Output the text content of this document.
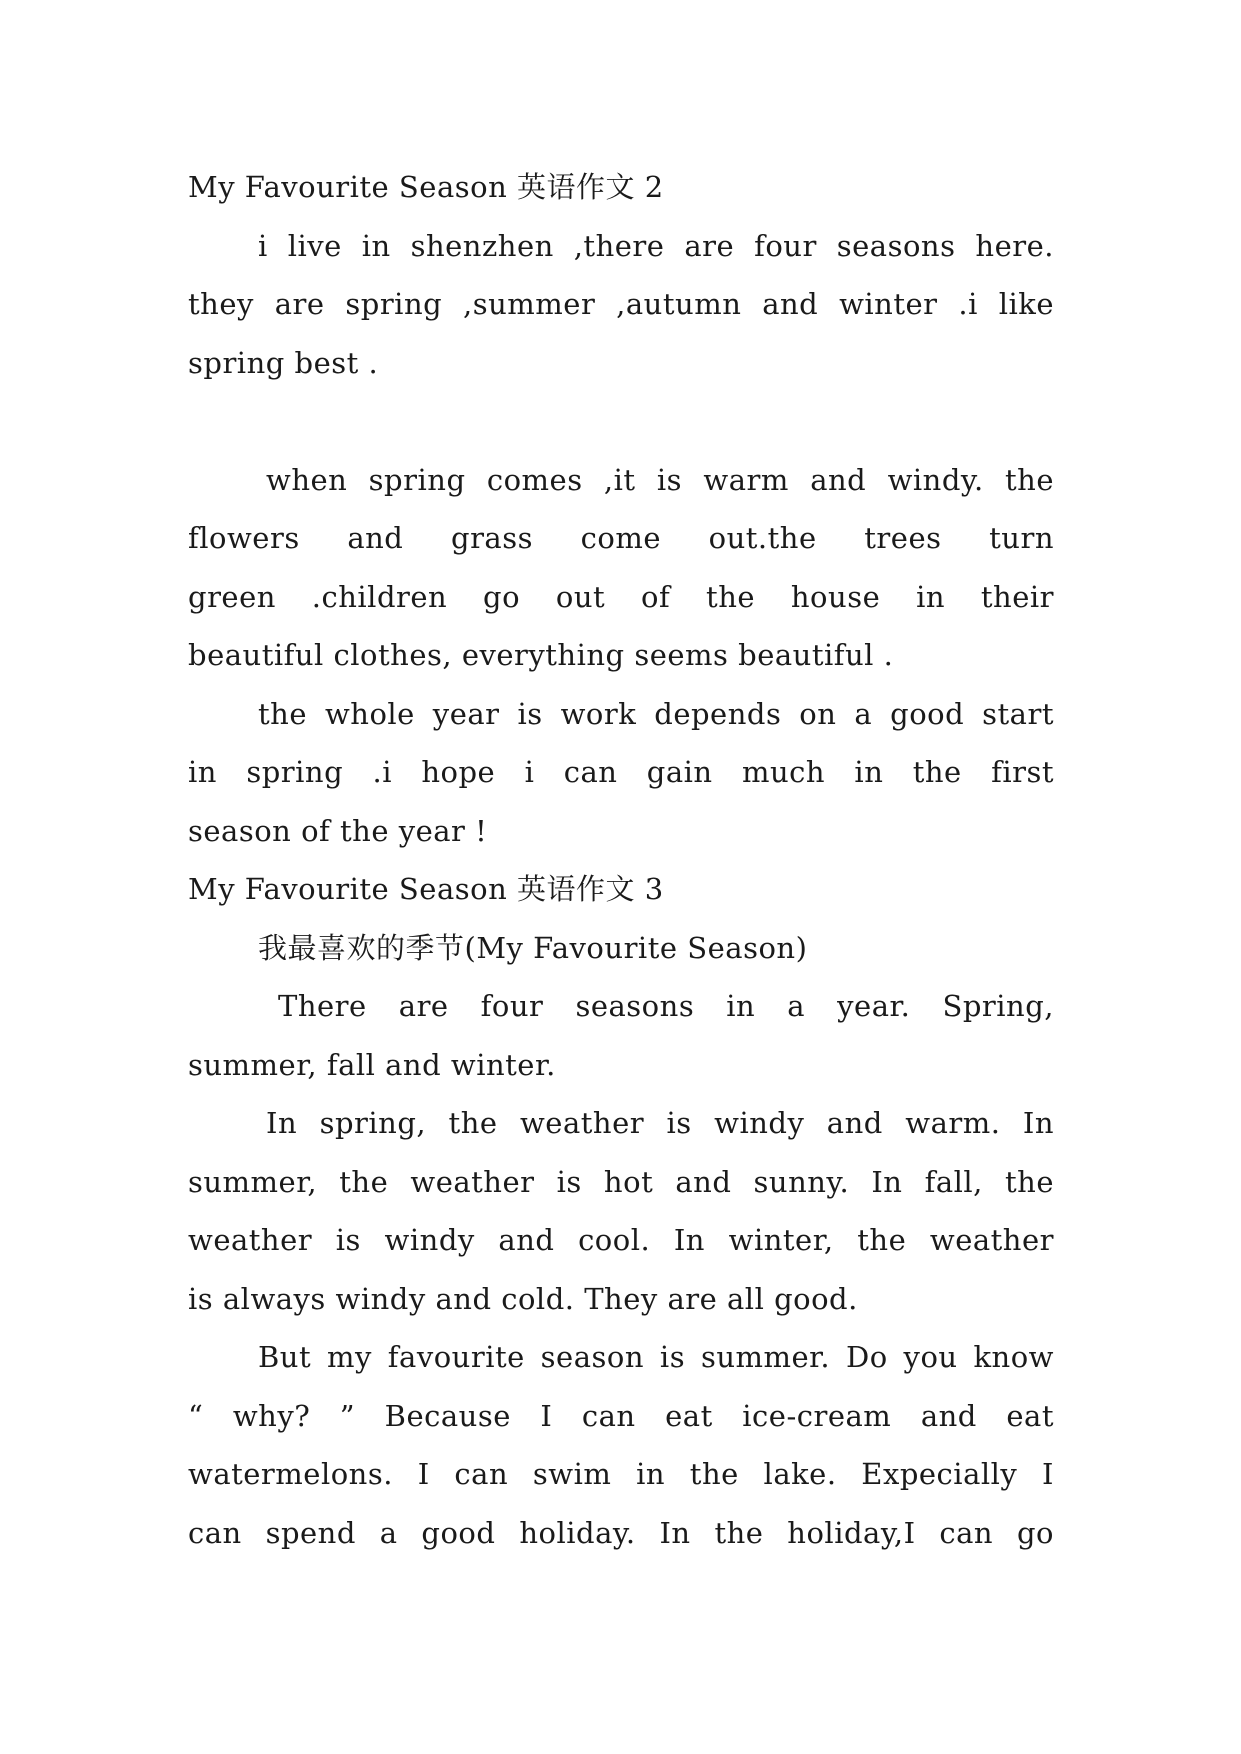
My Favourite Season 英语作文 2
i live in shenzhen ,there are four seasons here.
they are spring ,summer ,autumn and winter .i like
spring best .
when spring comes ,it is warm and windy. the
flowers and grass come out.the trees turn
green .children go out of the house in their
beautiful clothes, everything seems beautiful .
the whole year is work depends on a good start
in spring .i hope i can gain much in the first
season of the year !
My Favourite Season 英语作文 3
我最喜欢的季节(My Favourite Season)
There are four seasons in a year. Spring,
summer, fall and winter.
In spring, the weather is windy and warm. In
summer, the weather is hot and sunny. In fall, the
weather is windy and cool. In winter, the weather
is always windy and cold. They are all good.
But my favourite season is summer. Do you know
“ why? ” Because I can eat ice-cream and eat
watermelons. I can swim in the lake. Expecially I
can spend a good holiday. In the holiday,I can go
